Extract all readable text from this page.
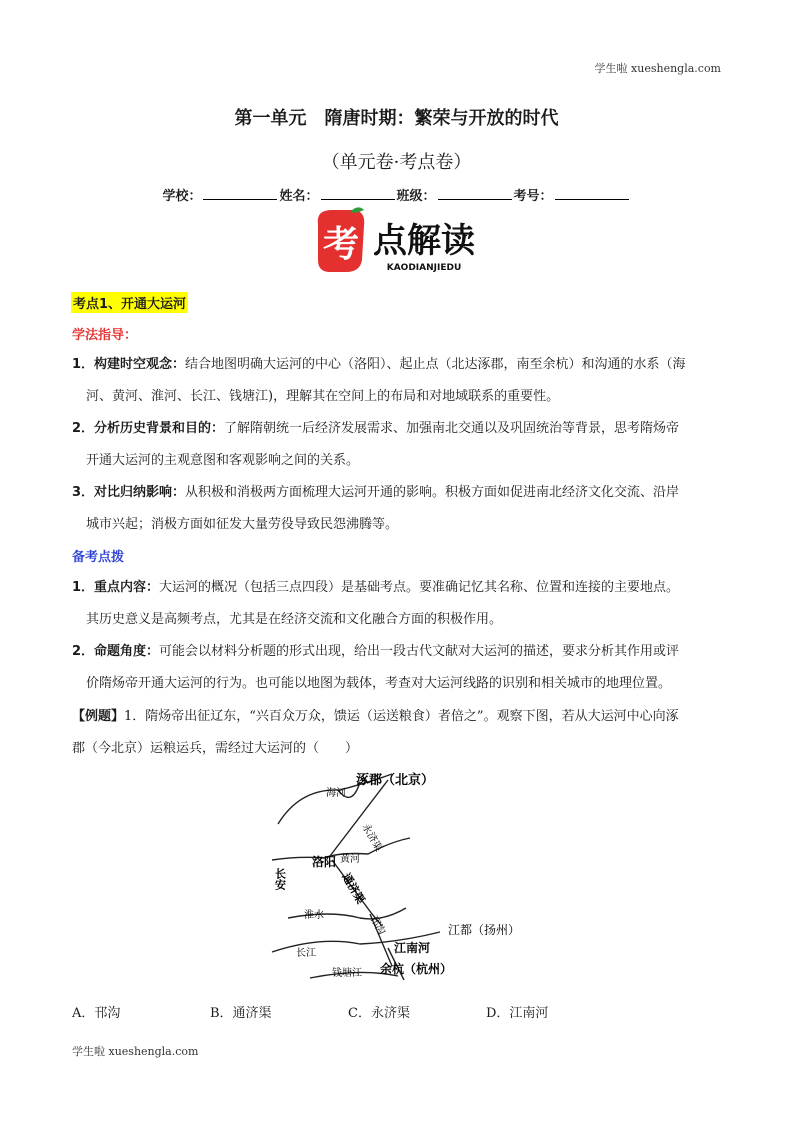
学生啦 xueshengla.com
第一单元　隋唐时期：繁荣与开放的时代
（单元卷·考点卷）
学校：	姓名：	班级：	考号：
考 点解读
KAODIANJIEDU
考点1、开通大运河
学法指导：
1．构建时空观念：结合地图明确大运河的中心（洛阳）、起止点（北达涿郡，南至余杭）和沟通的水系（海
河、黄河、淮河、长江、钱塘江)，理解其在空间上的布局和对地域联系的重要性。
2．分析历史背景和目的：了解隋朝统一后经济发展需求、加强南北交通以及巩固统治等背景，思考隋炀帝
开通大运河的主观意图和客观影响之间的关系。
3．对比归纳影响：从积极和消极两方面梳理大运河开通的影响。积极方面如促进南北经济文化交流、沿岸
城市兴起；消极方面如征发大量劳役导致民怨沸腾等。
备考点拨
1．重点内容：大运河的概况（包括三点四段）是基础考点。要准确记忆其名称、位置和连接的主要地点。
其历史意义是高频考点，尤其是在经济交流和文化融合方面的积极作用。
2．命题角度：可能会以材料分析题的形式出现，给出一段古代文献对大运河的描述，要求分析其作用或评
价隋炀帝开通大运河的行为。也可能以地图为载体，考查对大运河线路的识别和相关城市的地理位置。
【例题】1．隋炀帝出征辽东，“兴百众万众，馈运（运送粮食）者倍之”。观察下图，若从大运河中心向涿
郡（今北京）运粮运兵，需经过大运河的（　　）
涿郡（北京）
海河
永济渠
洛阳 黄河
长安	通济渠
淮水	邗沟	江都（扬州）
长江	江南河
钱塘江 余杭（杭州）
A．邗沟	B．通济渠	C．永济渠	D．江南河
学生啦 xueshengla.com
